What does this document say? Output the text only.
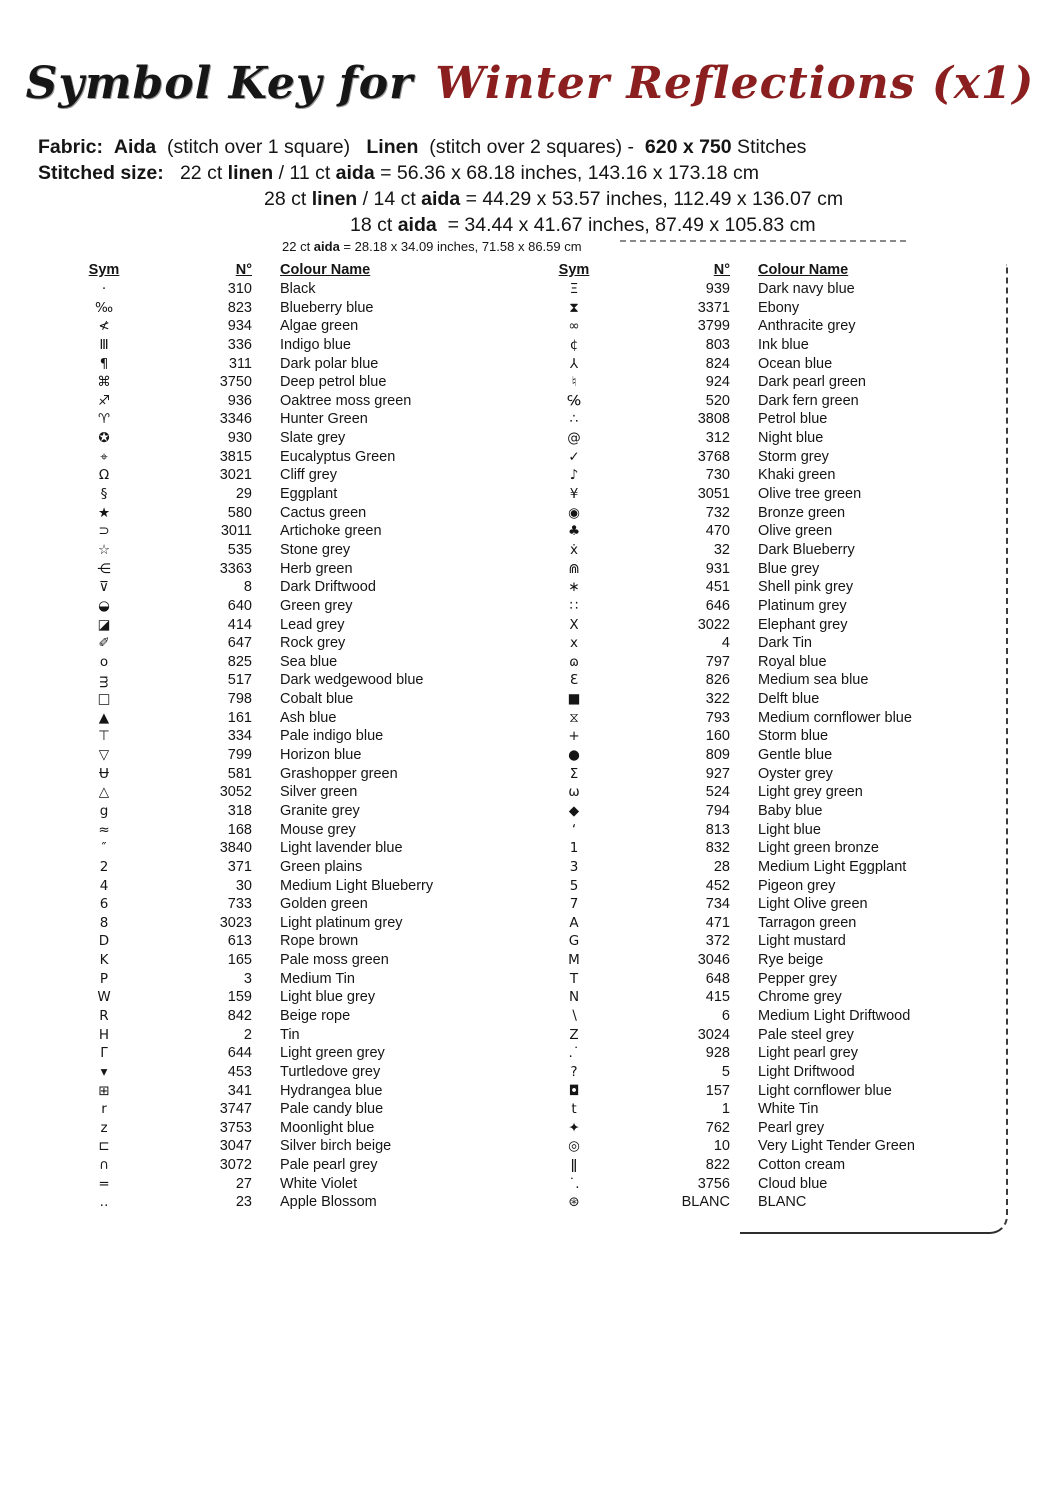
Symbol Key for Winter Reflections (x1)
Fabric: Aida  (stitch over 1 square)   Linen  (stitch over 2 squares) -  620 x 750 Stitches
Stitched size:   22 ct linen / 11 ct aida = 56.36 x 68.18 inches, 143.16 x 173.18 cm
28 ct linen / 14 ct aida = 44.29 x 53.57 inches, 112.49 x 136.07 cm
18 ct aida  = 34.44 x 41.67 inches, 87.49 x 105.83 cm
22 ct aida = 28.18 x 34.09 inches, 71.58 x 86.59 cm
Sym	N°	Colour Name
·	310	Black
‰	823	Blueberry blue
≮	934	Algae green
Ⅲ	336	Indigo blue
¶	311	Dark polar blue
⌘	3750	Deep petrol blue
♐	936	Oaktree moss green
♈	3346	Hunter Green
✪	930	Slate grey
⌖	3815	Eucalyptus Green
Ω	3021	Cliff grey
§	29	Eggplant
★	580	Cactus green
⊃	3011	Artichoke green
☆	535	Stone grey
⋲	3363	Herb green
⊽	8	Dark Driftwood
◒	640	Green grey
◪	414	Lead grey
✐	647	Rock grey
o	825	Sea blue
ᴟ	517	Dark wedgewood blue
□	798	Cobalt blue
▲	161	Ash blue
⊤	334	Pale indigo blue
▽	799	Horizon blue
Ʉ	581	Grashopper green
△	3052	Silver green
g	318	Granite grey
≈	168	Mouse grey
″	3840	Light lavender blue
2	371	Green plains
4	30	Medium Light Blueberry
6	733	Golden green
8	3023	Light platinum grey
D	613	Rope brown
K	165	Pale moss green
P	3	Medium Tin
W	159	Light blue grey
R	842	Beige rope
H	2	Tin
Γ	644	Light green grey
▾	453	Turtledove grey
⊞	341	Hydrangea blue
r	3747	Pale candy blue
z	3753	Moonlight blue
⊏	3047	Silver birch beige
∩	3072	Pale pearl grey
=	27	White Violet
‥	23	Apple Blossom
Sym	N°	Colour Name
Ξ	939	Dark navy blue
⧗	3371	Ebony
∞	3799	Anthracite grey
¢	803	Ink blue
⅄	824	Ocean blue
♮	924	Dark pearl green
℅	520	Dark fern green
∴	3808	Petrol blue
@	312	Night blue
✓	3768	Storm grey
♪	730	Khaki green
¥	3051	Olive tree green
◉	732	Bronze green
♣	470	Olive green
ẋ	32	Dark Blueberry
⋒	931	Blue grey
∗	451	Shell pink grey
∷	646	Platinum grey
Ⅹ	3022	Elephant grey
x	4	Dark Tin
ɷ	797	Royal blue
Ɛ	826	Medium sea blue
■	322	Delft blue
⧖	793	Medium cornflower blue
+	160	Storm blue
●	809	Gentle blue
Σ	927	Oyster grey
ω	524	Light grey green
◆	794	Baby blue
‘	813	Light blue
1	832	Light green bronze
3	28	Medium Light Eggplant
5	452	Pigeon grey
7	734	Light Olive green
A	471	Tarragon green
G	372	Light mustard
M	3046	Rye beige
T	648	Pepper grey
N	415	Chrome grey
∖	6	Medium Light Driftwood
Z	3024	Pale steel grey
.˙	928	Light pearl grey
?	5	Light Driftwood
◘	157	Light cornflower blue
t	1	White Tin
✦	762	Pearl grey
◎	10	Very Light Tender Green
ǁ	822	Cotton cream
˙.	3756	Cloud blue
⊛	BLANC	BLANC
